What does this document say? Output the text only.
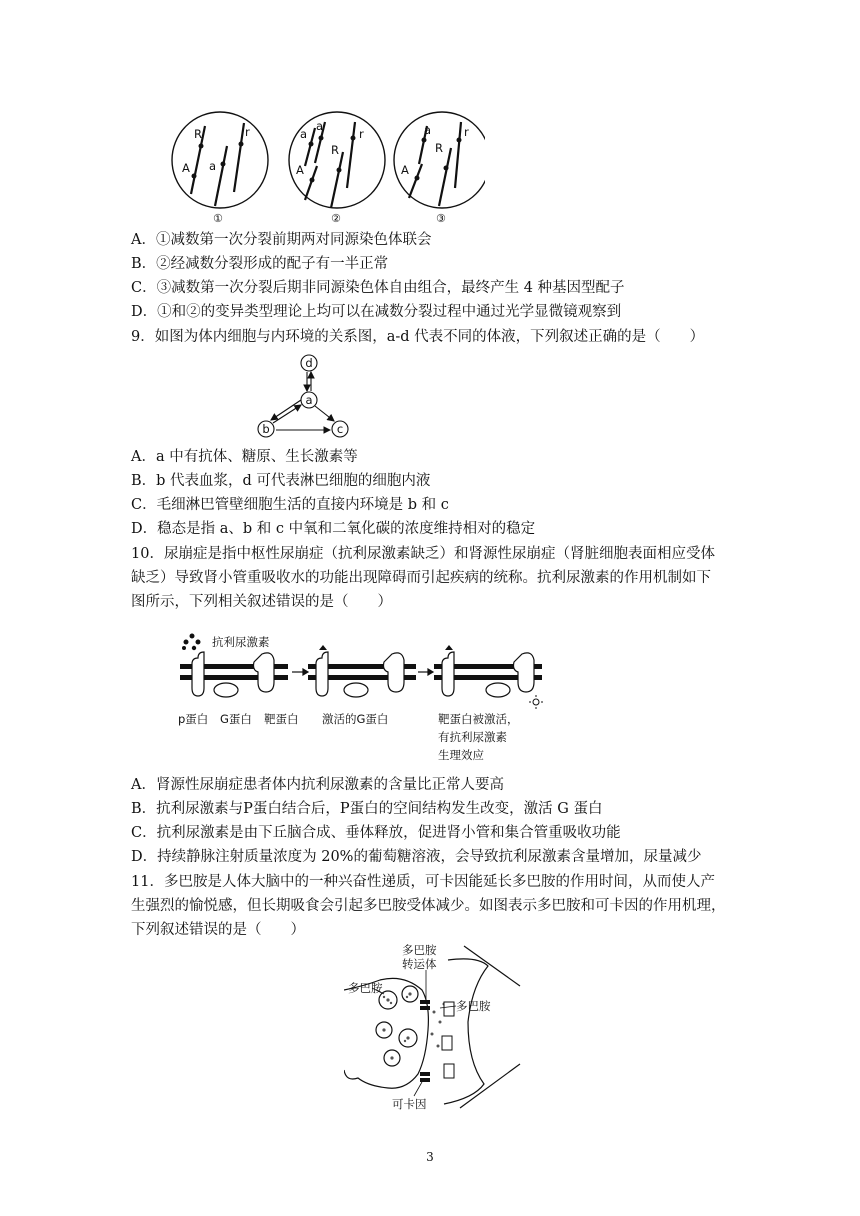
R
A a
r	a
a
R
r
A
a
R
r
A
①	②	③
A．①减数第一次分裂前期两对同源染色体联会
B．②经减数分裂形成的配子有一半正常
C．③减数第一次分裂后期非同源染色体自由组合，最终产生 4 种基因型配子
D．①和②的变异类型理论上均可以在减数分裂过程中通过光学显微镜观察到
9．如图为体内细胞与内环境的关系图，a-d 代表不同的体液，下列叙述正确的是（　　）
d
a
b	c
A．a 中有抗体、糖原、生长激素等
B．b 代表血浆，d 可代表淋巴细胞的细胞内液
C．毛细淋巴管壁细胞生活的直接内环境是 b 和 c
D．稳态是指 a、b 和 c 中氧和二氧化碳的浓度维持相对的稳定
10．尿崩症是指中枢性尿崩症（抗利尿激素缺乏）和肾源性尿崩症（肾脏细胞表面相应受体
缺乏）导致肾小管重吸收水的功能出现障碍而引起疾病的统称。抗利尿激素的作用机制如下
图所示，下列相关叙述错误的是（　　）
抗利尿激素
p蛋白 G蛋白 靶蛋白 激活的G蛋白	靶蛋白被激活，
有抗利尿激素
生理效应
A．肾源性尿崩症患者体内抗利尿激素的含量比正常人要高
B．抗利尿激素与P蛋白结合后，P蛋白的空间结构发生改变，激活 G 蛋白
C．抗利尿激素是由下丘脑合成、垂体释放，促进肾小管和集合管重吸收功能
D．持续静脉注射质量浓度为 20%的葡萄糖溶液，会导致抗利尿激素含量增加，尿量减少
11．多巴胺是人体大脑中的一种兴奋性递质，可卡因能延长多巴胺的作用时间，从而使人产
生强烈的愉悦感，但长期吸食会引起多巴胺受体减少。如图表示多巴胺和可卡因的作用机理，
下列叙述错误的是（　　）
多巴胺
转运体
多巴胺
多巴胺
可卡因
3
